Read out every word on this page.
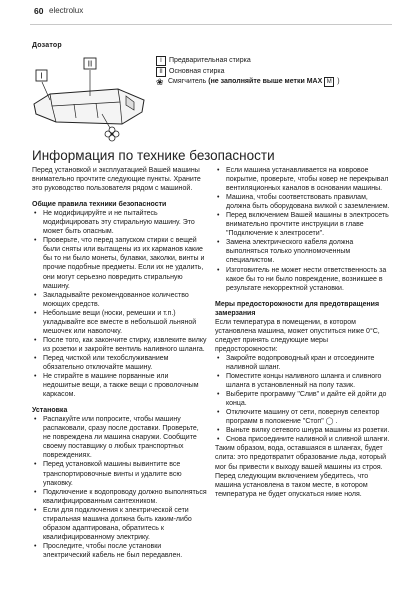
60 electrolux
Дозатор
I
II	I	Предварительная стирка
II Основная стирка
❀ Смягчитель
(не заполняйте выше метки MAX
M )
Информация по технике безопасности

Перед установкой и эксплуатацией Вашей машины внимательно прочтите следующие пункты. Храните это руководство пользователя рядом с машиной.

Общие правила техники безопасности

• Не модифицируйте и не пытайтесь модифицировать эту стиральную машину. Это может быть опасным.
• Проверьте, что перед запуском стирки с вещей были сняты или вытащены из их карманов какие бы то ни было монеты, булавки, заколки, винты и прочие подобные предметы. Если их не удалить, они могут серьезно повредить стиральную машину.
• Закладывайте рекомендованное количество моющих средств.
• Небольшие вещи (носки, ремешки и т.п.) укладывайте все вместе в небольшой льняной мешочек или наволочку.
• После того, как закончите стирку, извлеките вилку из розетки и закройте вентиль наливного шланга.
• Перед чисткой или техобслуживанием обязательно отключайте машину.
• Не стирайте в машине порванные или недошитые вещи, а также вещи с проволочным каркасом.

Установка

• Распакуйте или попросите, чтобы машину распаковали, сразу после доставки. Проверьте, не повреждена ли машина снаружи. Сообщите своему поставщику о любых транспортных повреждениях.
• Перед установкой машины вывинтите все транспортировочные винты и удалите всю упаковку.
• Подключение к водопроводу должно выполняться квалифицированным сантехником.
• Если для подключения к электрической сети стиральная машина должна быть каким-либо образом адаптирована, обратитесь к квалифицированному электрику.
• Проследите, чтобы после установки электрический кабель не был передавлен.
• Если машина устанавливается на ковровое покрытие, проверьте, чтобы ковер не перекрывал вентиляционных каналов в основании машины.
• Машина, чтобы соответствовать правилам, должна быть оборудована вилкой с заземлением.
• Перед включением Вашей машины в электросеть внимательно прочтите инструкции в главе "Подключение к электросети".
• Замена электрического кабеля должна выполняться только уполномоченным специалистом.
• Изготовитель не может нести ответственность за какое бы то ни было повреждение, возникшее в результате некорректной установки.

Меры предосторожности для предотвращения замерзания

Если температура в помещении, в котором установлена машина, может опуститься ниже 0°C, следует принять следующие меры предосторожности:

• Закройте водопроводный кран и отсоедините наливной шланг.
• Поместите концы наливного шланга и сливного шланга в установленный на полу тазик.
• Выберите программу "Слив" и дайте ей дойти до конца.
• Отключите машину от сети, повернув селектор программ в положение "Стоп" ◯ .
• Выньте вилку сетевого шнура машины из розетки.
• Снова присоедините наливной и сливной шланги.

Таким образом, вода, оставшаяся в шлангах, будет слита: это предотвратит образование льда, который мог бы привести к выходу вашей машины из строя.

Перед следующим включением убедитесь, что машина установлена в таком месте, в котором температура не будет опускаться ниже ноля.
